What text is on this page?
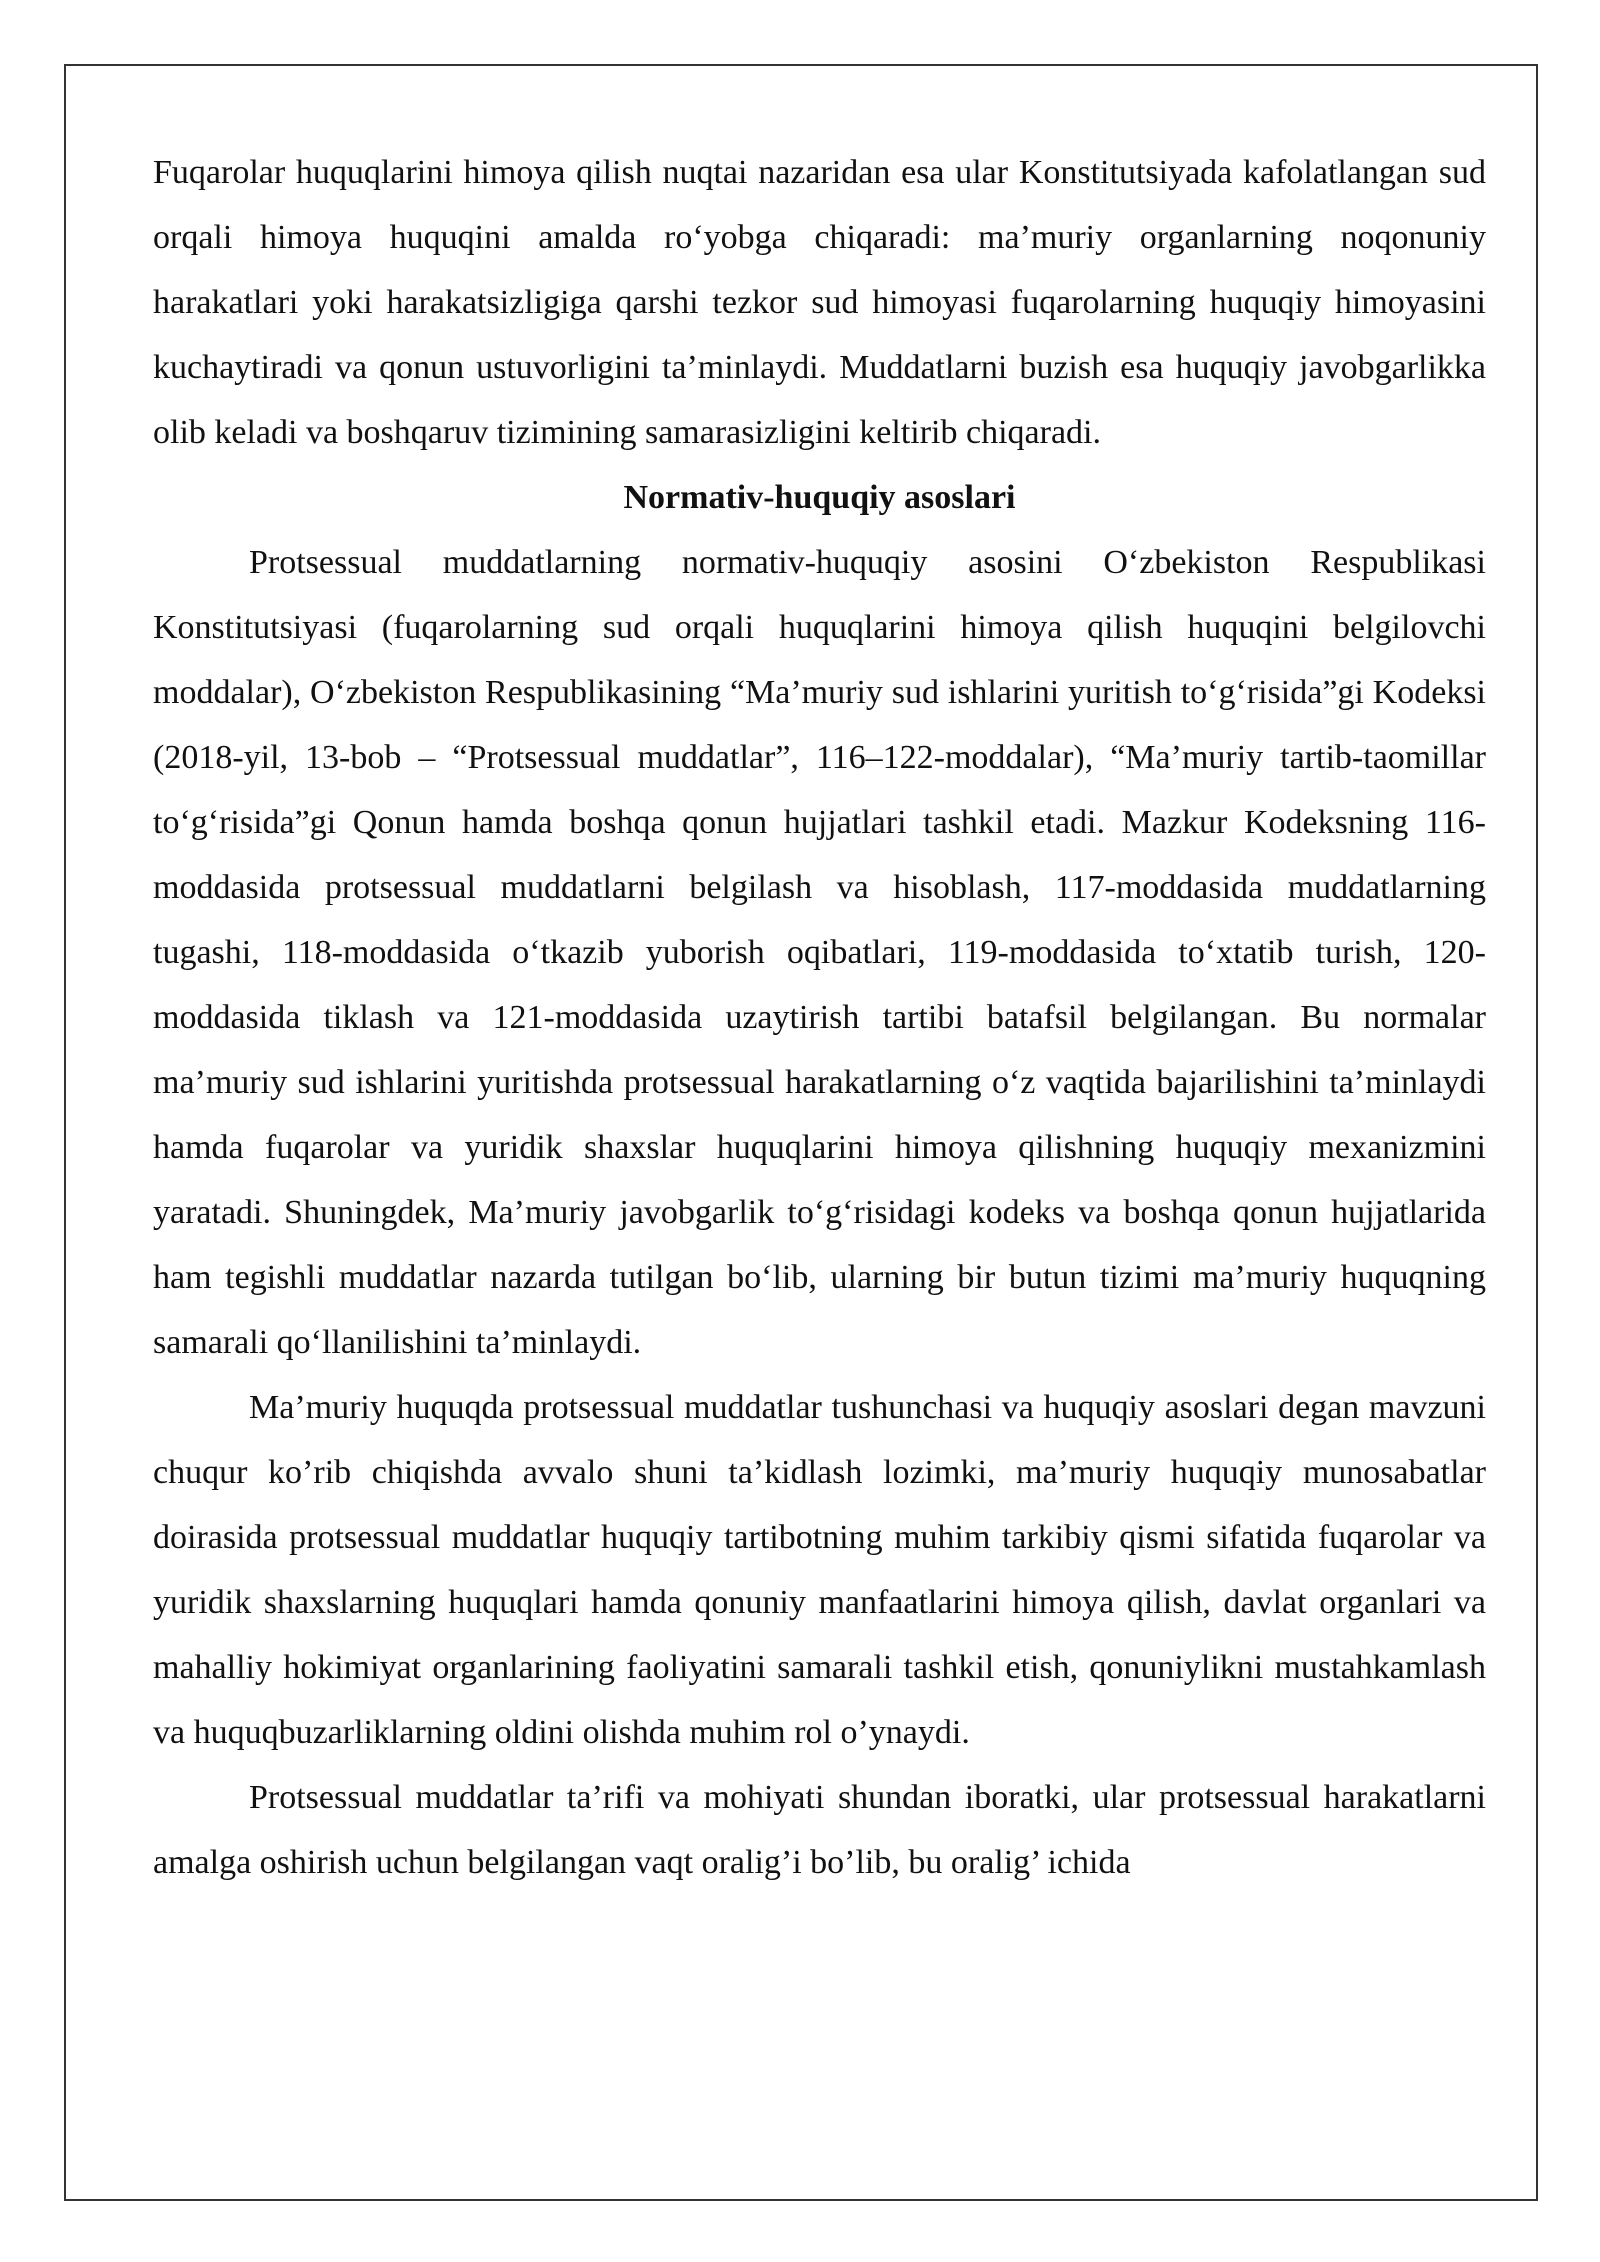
Fuqarolar huquqlarini himoya qilish nuqtai nazaridan esa ular Konstitutsiyada kafolatlangan sud orqali himoya huquqini amalda ro‘yobga chiqaradi: ma’muriy organlarning noqonuniy harakatlari yoki harakatsizligiga qarshi tezkor sud himoyasi fuqarolarning huquqiy himoyasini kuchaytiradi va qonun ustuvorligini ta’minlaydi. Muddatlarni buzish esa huquqiy javobgarlikka olib keladi va boshqaruv tizimining samarasizligini keltirib chiqaradi.

Normativ-huquqiy asoslari

Protsessual muddatlarning normativ-huquqiy asosini O‘zbekiston Respublikasi Konstitutsiyasi (fuqarolarning sud orqali huquqlarini himoya qilish huquqini belgilovchi moddalar), O‘zbekiston Respublikasining “Ma’muriy sud ishlarini yuritish to‘g‘risida”gi Kodeksi (2018-yil, 13-bob – “Protsessual muddatlar”, 116–122-moddalar), “Ma’muriy tartib-taomillar to‘g‘risida”gi Qonun hamda boshqa qonun hujjatlari tashkil etadi. Mazkur Kodeksning 116-moddasida protsessual muddatlarni belgilash va hisoblash, 117-moddasida muddatlarning tugashi, 118-moddasida o‘tkazib yuborish oqibatlari, 119-moddasida to‘xtatib turish, 120-moddasida tiklash va 121-moddasida uzaytirish tartibi batafsil belgilangan. Bu normalar ma’muriy sud ishlarini yuritishda protsessual harakatlarning o‘z vaqtida bajarilishini ta’minlaydi hamda fuqarolar va yuridik shaxslar huquqlarini himoya qilishning huquqiy mexanizmini yaratadi. Shuningdek, Ma’muriy javobgarlik to‘g‘risidagi kodeks va boshqa qonun hujjatlarida ham tegishli muddatlar nazarda tutilgan bo‘lib, ularning bir butun tizimi ma’muriy huquqning samarali qo‘llanilishini ta’minlaydi.

Ma’muriy huquqda protsessual muddatlar tushunchasi va huquqiy asoslari degan mavzuni chuqur ko’rib chiqishda avvalo shuni ta’kidlash lozimki, ma’muriy huquqiy munosabatlar doirasida protsessual muddatlar huquqiy tartibotning muhim tarkibiy qismi sifatida fuqarolar va yuridik shaxslarning huquqlari hamda qonuniy manfaatlarini himoya qilish, davlat organlari va mahalliy hokimiyat organlarining faoliyatini samarali tashkil etish, qonuniylikni mustahkamlash va huquqbuzarliklarning oldini olishda muhim rol o’ynaydi.

Protsessual muddatlar ta’rifi va mohiyati shundan iboratki, ular protsessual harakatlarni amalga oshirish uchun belgilangan vaqt oralig’i bo’lib, bu oralig’ ichida
